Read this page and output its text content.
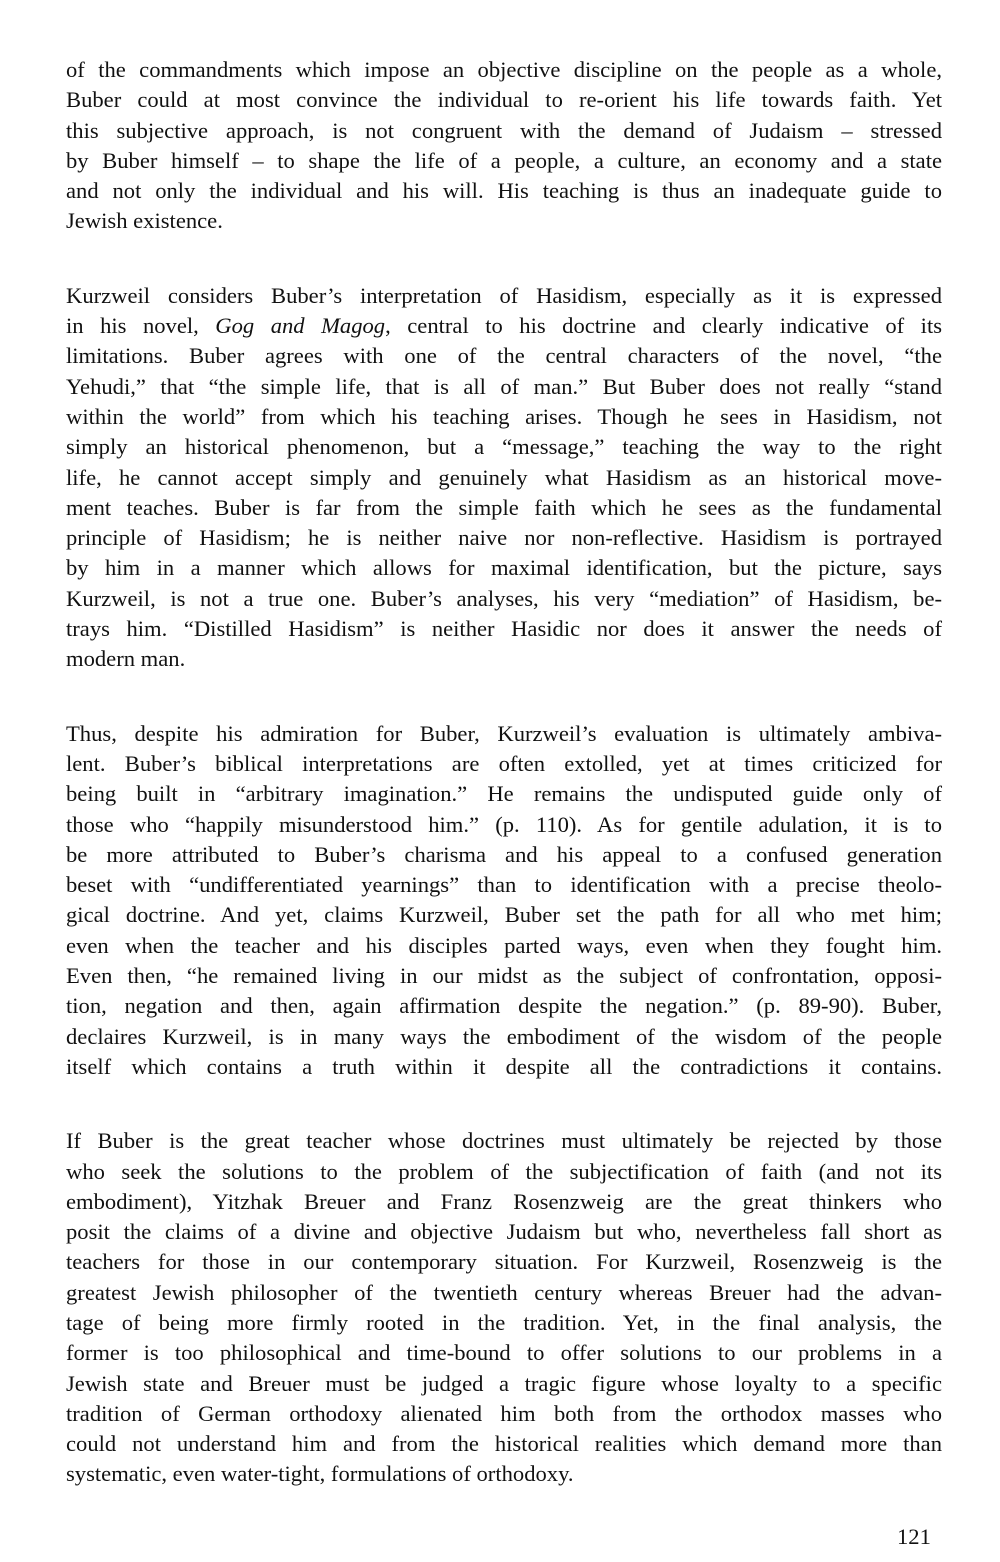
of the commandments which impose an objective discipline on the people as a whole,
Buber could at most convince the individual to re-orient his life towards faith. Yet
this subjective approach, is not congruent with the demand of Judaism – stressed
by Buber himself – to shape the life of a people, a culture, an economy and a state
and not only the individual and his will. His teaching is thus an inadequate guide to
Jewish existence.

Kurzweil considers Buber’s interpretation of Hasidism, especially as it is expressed
in his novel, Gog and Magog, central to his doctrine and clearly indicative of its
limitations. Buber agrees with one of the central characters of the novel, “the
Yehudi,” that “the simple life, that is all of man.” But Buber does not really “stand
within the world” from which his teaching arises. Though he sees in Hasidism, not
simply an historical phenomenon, but a “message,” teaching the way to the right
life, he cannot accept simply and genuinely what Hasidism as an historical move-
ment teaches. Buber is far from the simple faith which he sees as the fundamental
principle of Hasidism; he is neither naive nor non-reflective. Hasidism is portrayed
by him in a manner which allows for maximal identification, but the picture, says
Kurzweil, is not a true one. Buber’s analyses, his very “mediation” of Hasidism, be-
trays him. “Distilled Hasidism” is neither Hasidic nor does it answer the needs of
modern man.

Thus, despite his admiration for Buber, Kurzweil’s evaluation is ultimately ambiva-
lent. Buber’s biblical interpretations are often extolled, yet at times criticized for
being built in “arbitrary imagination.” He remains the undisputed guide only of
those who “happily misunderstood him.” (p. 110). As for gentile adulation, it is to
be more attributed to Buber’s charisma and his appeal to a confused generation
beset with “undifferentiated yearnings” than to identification with a precise theolo-
gical doctrine. And yet, claims Kurzweil, Buber set the path for all who met him;
even when the teacher and his disciples parted ways, even when they fought him.
Even then, “he remained living in our midst as the subject of confrontation, opposi-
tion, negation and then, again affirmation despite the negation.” (p. 89-90). Buber,
declaires Kurzweil, is in many ways the embodiment of the wisdom of the people
itself which contains a truth within it despite all the contradictions it contains.

If Buber is the great teacher whose doctrines must ultimately be rejected by those
who seek the solutions to the problem of the subjectification of faith (and not its
embodiment), Yitzhak Breuer and Franz Rosenzweig are the great thinkers who
posit the claims of a divine and objective Judaism but who, nevertheless fall short as
teachers for those in our contemporary situation. For Kurzweil, Rosenzweig is the
greatest Jewish philosopher of the twentieth century whereas Breuer had the advan-
tage of being more firmly rooted in the tradition. Yet, in the final analysis, the
former is too philosophical and time-bound to offer solutions to our problems in a
Jewish state and Breuer must be judged a tragic figure whose loyalty to a specific
tradition of German orthodoxy alienated him both from the orthodox masses who
could not understand him and from the historical realities which demand more than
systematic, even water-tight, formulations of orthodoxy.

121
